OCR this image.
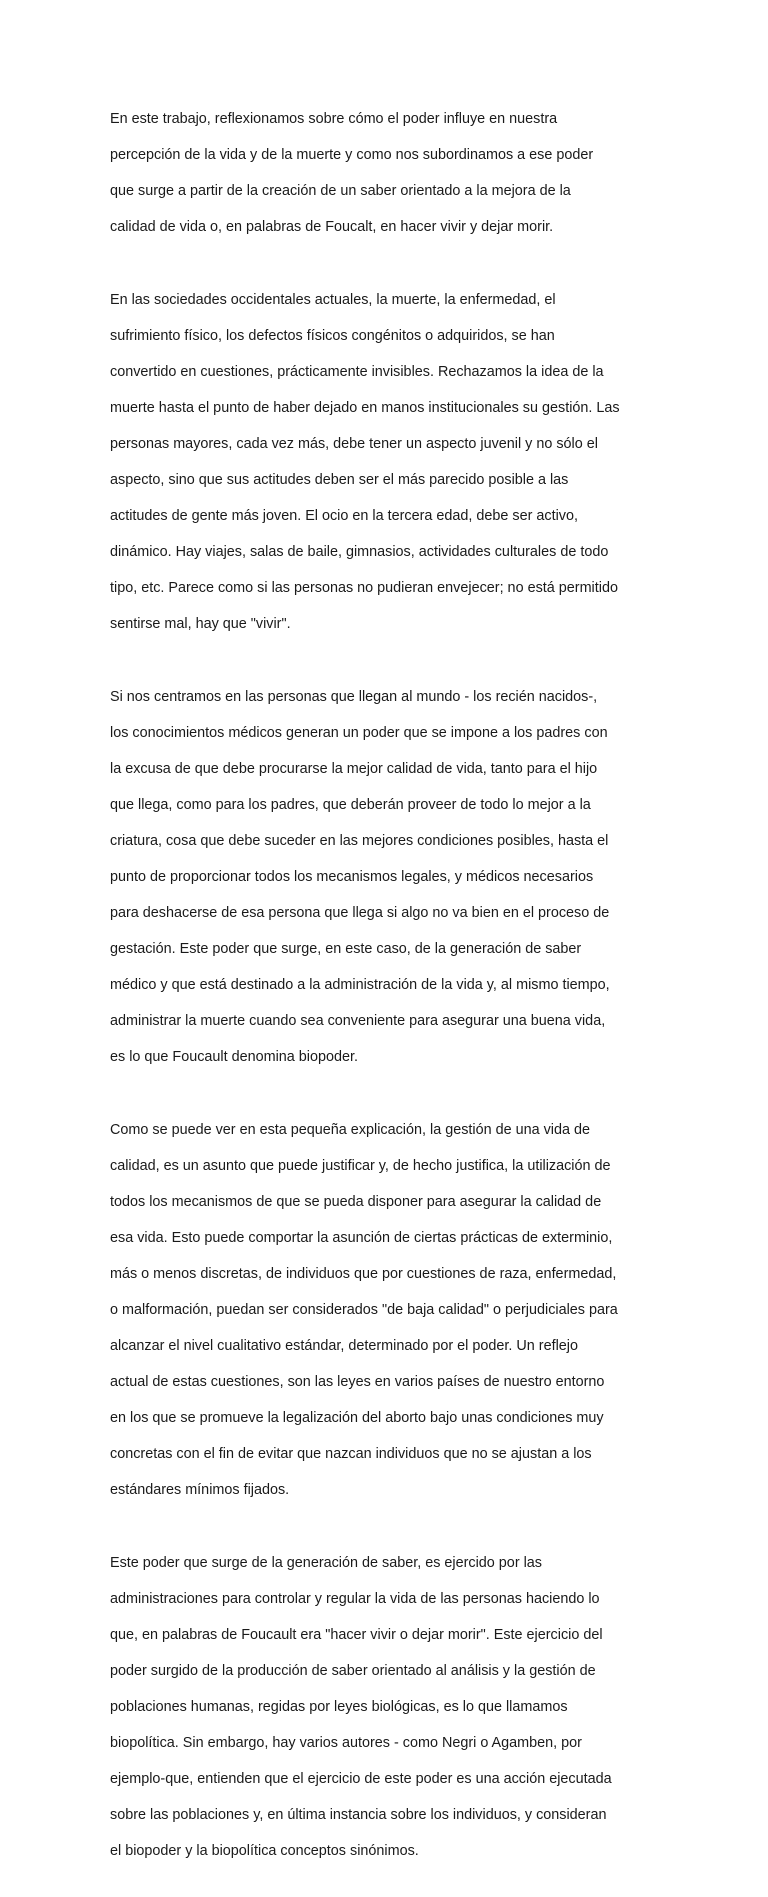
En este trabajo, reflexionamos sobre cómo el poder influye en nuestra

percepción de la vida y de la muerte y como nos subordinamos a ese poder

que surge a partir de la creación de un saber orientado a la mejora de la

calidad de vida o, en palabras de Foucalt, en hacer vivir y dejar morir.

En las sociedades occidentales actuales, la muerte, la enfermedad, el

sufrimiento físico, los defectos físicos congénitos o adquiridos, se han

convertido en cuestiones, prácticamente invisibles. Rechazamos la idea de la

muerte hasta el punto de haber dejado en manos institucionales su gestión. Las

personas mayores, cada vez más, debe tener un aspecto juvenil y no sólo el

aspecto, sino que sus actitudes deben ser el más parecido posible a las

actitudes de gente más joven. El ocio en la tercera edad, debe ser activo,

dinámico. Hay viajes, salas de baile, gimnasios, actividades culturales de todo

tipo, etc. Parece como si las personas no pudieran envejecer; no está permitido

sentirse mal, hay que "vivir".

Si nos centramos en las personas que llegan al mundo - los recién nacidos-,

los conocimientos médicos generan un poder que se impone a los padres con

la excusa de que debe procurarse la mejor calidad de vida, tanto para el hijo

que llega, como para los padres, que deberán proveer de todo lo mejor a la

criatura, cosa que debe suceder en las mejores condiciones posibles, hasta el

punto de proporcionar todos los mecanismos legales, y médicos necesarios

para deshacerse de esa persona que llega si algo no va bien en el proceso de

gestación. Este poder que surge, en este caso, de la generación de saber

médico y que está destinado a la administración de la vida y, al mismo tiempo,

administrar la muerte cuando sea conveniente para asegurar una buena vida,

es lo que Foucault denomina biopoder.

Como se puede ver en esta pequeña explicación, la gestión de una vida de

calidad, es un asunto que puede justificar y, de hecho justifica, la utilización de

todos los mecanismos de que se pueda disponer para asegurar la calidad de

esa vida. Esto puede comportar la asunción de ciertas prácticas de exterminio,

más o menos discretas, de individuos que por cuestiones de raza, enfermedad,

o malformación, puedan ser considerados "de baja calidad" o perjudiciales para

alcanzar el nivel cualitativo estándar, determinado por el poder. Un reflejo

actual de estas cuestiones, son las leyes en varios países de nuestro entorno

en los que se promueve la legalización del aborto bajo unas condiciones muy

concretas con el fin de evitar que nazcan individuos que no se ajustan a los

estándares mínimos fijados.

Este poder que surge de la generación de saber, es ejercido por las

administraciones para controlar y regular la vida de las personas haciendo lo

que, en palabras de Foucault era "hacer vivir o dejar morir". Este ejercicio del

poder surgido de la producción de saber orientado al análisis y la gestión de

poblaciones humanas, regidas por leyes biológicas, es lo que llamamos

biopolítica. Sin embargo, hay varios autores - como Negri o Agamben, por

ejemplo-que, entienden que el ejercicio de este poder es una acción ejecutada

sobre las poblaciones y, en última instancia sobre los individuos, y consideran

el biopoder y la biopolítica conceptos sinónimos.
